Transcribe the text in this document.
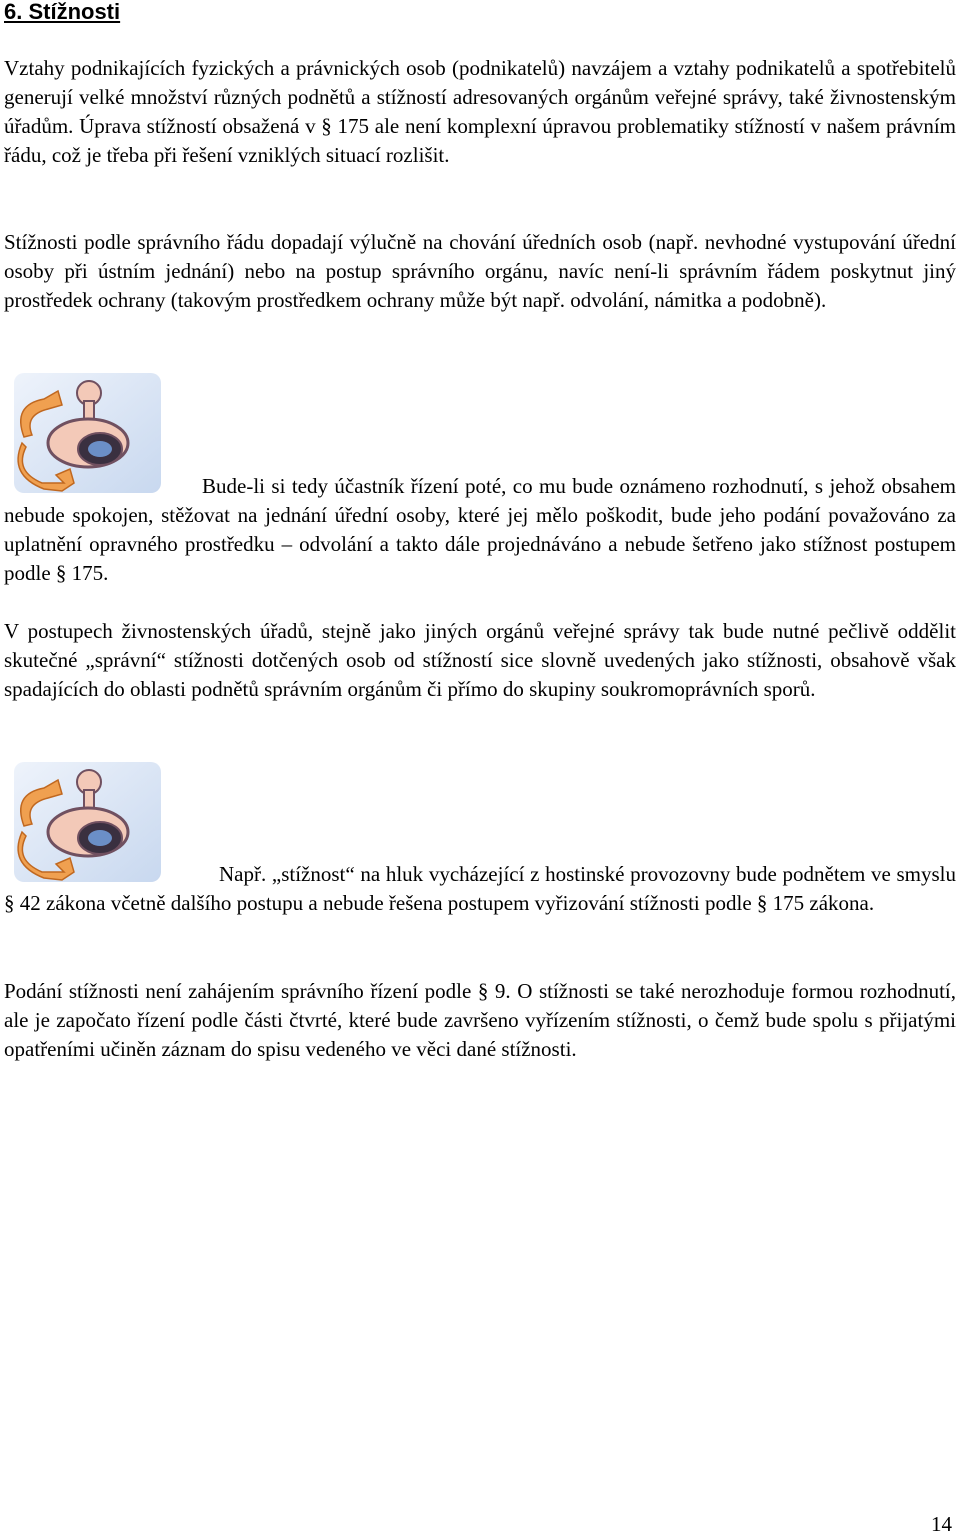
6. Stížnosti

Vztahy podnikajících fyzických a právnických osob (podnikatelů) navzájem a vztahy podnikatelů a spotřebitelů generují velké množství různých podnětů a stížností adresovaných orgánům veřejné správy, také živnostenským úřadům. Úprava stížností obsažená v § 175 ale není komplexní úpravou problematiky stížností v našem právním řádu, což je třeba při řešení vzniklých situací rozlišit.

Stížnosti podle správního řádu dopadají výlučně na chování úředních osob (např. nevhodné vystupování úřední osoby při ústním jednání) nebo na postup správního orgánu, navíc není-li správním řádem poskytnut jiný prostředek ochrany (takovým prostředkem ochrany může být např. odvolání, námitka a podobně).

Bude-li si tedy účastník řízení poté, co mu bude oznámeno rozhodnutí, s jehož obsahem nebude spokojen, stěžovat na jednání úřední osoby, které jej mělo poškodit, bude jeho podání považováno za uplatnění opravného prostředku – odvolání a takto dále projednáváno a nebude šetřeno jako stížnost postupem podle § 175.

V postupech živnostenských úřadů, stejně jako jiných orgánů veřejné správy tak bude nutné pečlivě oddělit skutečné „správní“ stížnosti dotčených osob od stížností sice slovně uvedených jako stížnosti, obsahově však spadajících do oblasti podnětů správním orgánům či přímo do skupiny soukromoprávních sporů.

Např. „stížnost“ na hluk vycházející z hostinské provozovny bude podnětem ve smyslu § 42 zákona včetně dalšího postupu a nebude řešena postupem vyřizování stížnosti podle § 175 zákona.

Podání stížnosti není zahájením správního řízení podle § 9. O stížnosti se také nerozhoduje formou rozhodnutí, ale je započato řízení podle části čtvrté, které bude završeno vyřízením stížnosti, o čemž bude spolu s přijatými opatřeními učiněn záznam do spisu vedeného ve věci dané stížnosti.

14
